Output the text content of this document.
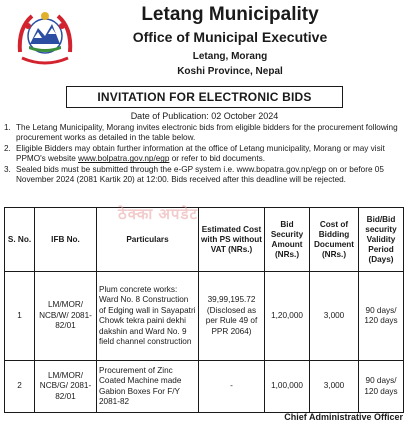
Letang Municipality
Office of Municipal Executive
Letang, Morang
Koshi Province, Nepal
INVITATION FOR ELECTRONIC BIDS
Date of Publication: 02 October 2024
1. The Letang Municipality, Morang invites electronic bids from eligible bidders for the procurement following procurement works as detailed in the table below.
2. Eligible Bidders may obtain further information at the office of Letang municipality, Morang or may visit PPMO's website www.bolpatra.gov.np/egp or refer to bid documents.
3. Sealed bids must be submitted through the e-GP system i.e. www.bopatra.gov.np/egp on or before 05 November 2024 (2081 Kartik 20) at 12:00. Bids received after this deadline will be rejected.
S. No.	IFB No.	Particulars	Estimated Cost with PS without VAT (NRs.)	Bid Security Amount (NRs.)	Cost of Bidding Document (NRs.)	Bid/Bid security Validity Period (Days)
1	LM/MOR/ NCB/W/ 2081-82/01	Plum concrete works: Ward No. 8 Construction of Edging wall in Sayapatri Chowk tekra paini dekhi dakshin and Ward No. 9 field channel construction	39,99,195.72 (Disclosed as per Rule 49 of PPR 2064)	1,20,000	3,000	90 days/ 120 days
2	LM/MOR/ NCB/G/ 2081-82/01	Procurement of Zinc Coated Machine made Gabion Boxes For F/Y 2081-82	-	1,00,000	3,000	90 days/ 120 days
ठेक्का अपडेट
Chief Administrative Officer
